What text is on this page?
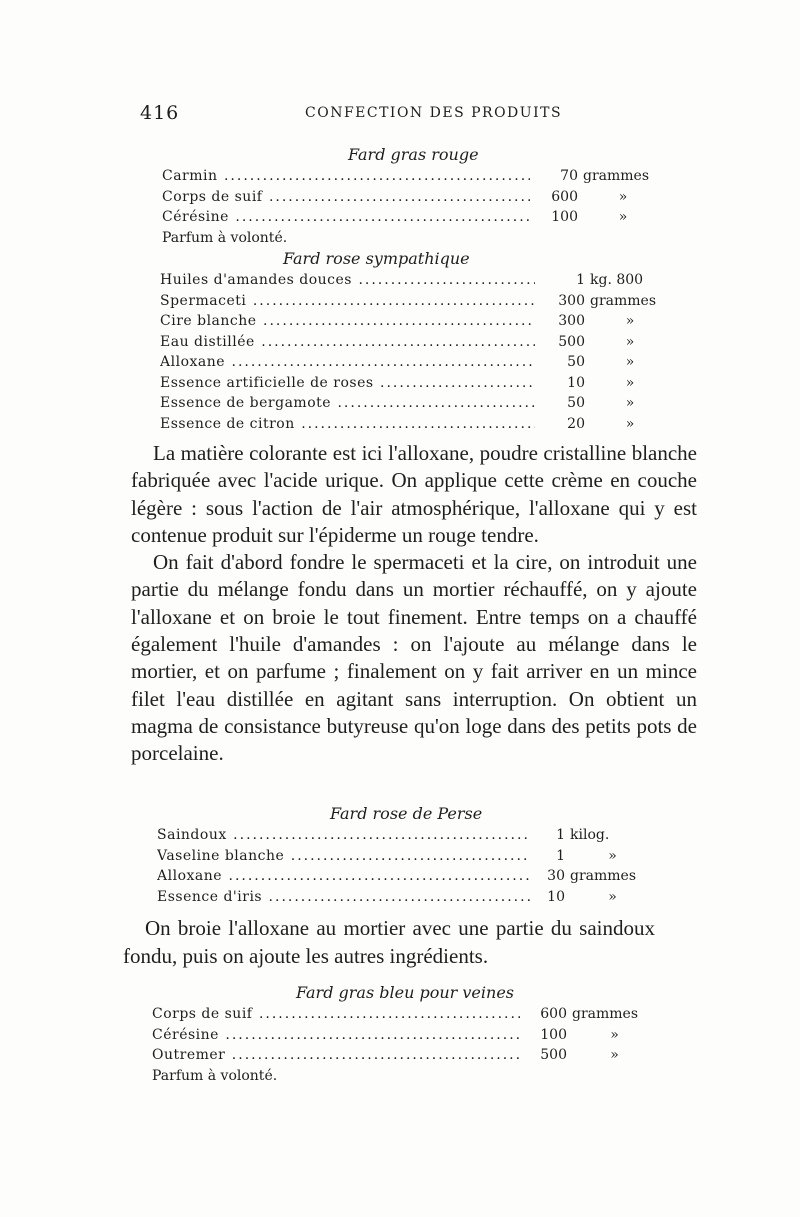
416	CONFECTION DES PRODUITS
Fard gras rouge
Carmin .....	70 grammes
Corps de suif .....	600	»
Cérésine .....	100	»
Parfum à volonté.
Fard rose sympathique
Huiles d'amandes douces .....	1 kg. 800
Spermaceti .....	300 grammes
Cire blanche .....	300	»
Eau distillée .....	500	»
Alloxane .....	50	»
Essence artificielle de roses .....	10	»
Essence de bergamote .....	50	»
Essence de citron .....	20	»

La matière colorante est ici l'alloxane, poudre cristalline blanche fabriquée avec l'acide urique. On applique cette crème en couche légère : sous l'action de l'air atmosphérique, l'alloxane qui y est contenue produit sur l'épiderme un rouge tendre.

On fait d'abord fondre le spermaceti et la cire, on introduit une partie du mélange fondu dans un mortier réchauffé, on y ajoute l'alloxane et on broie le tout finement. Entre temps on a chauffé également l'huile d'amandes : on l'ajoute au mélange dans le mortier, et on parfume ; finalement on y fait arriver en un mince filet l'eau distillée en agitant sans interruption. On obtient un magma de consistance butyreuse qu'on loge dans des petits pots de porcelaine.

Fard rose de Perse
Saindoux .....	1 kilog.
Vaseline blanche .....	1	»
Alloxane .....	30 grammes
Essence d'iris .....	10	»

On broie l'alloxane au mortier avec une partie du saindoux fondu, puis on ajoute les autres ingrédients.

Fard gras bleu pour veines
Corps de suif .....	600 grammes
Cérésine .....	100	»
Outremer .....	500	»
Parfum à volonté.
